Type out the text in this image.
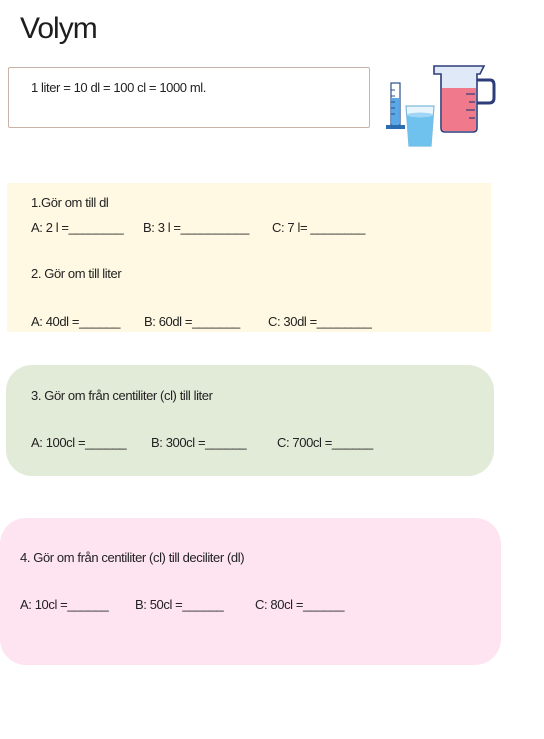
Volym
1 liter = 10 dl = 100 cl = 1000 ml.
1.Gör om till dl
A: 2 l =________ B: 3 l =__________ C: 7 l= ________
2. Gör om till liter
A: 40dl =______ B: 60dl =_______ C: 30dl =________
3. Gör om från centiliter (cl) till liter
A: 100cl =______ B: 300cl =______ C: 700cl =______
4. Gör om från centiliter (cl) till deciliter (dl)
A: 10cl =______ B: 50cl =______ C: 80cl =______
